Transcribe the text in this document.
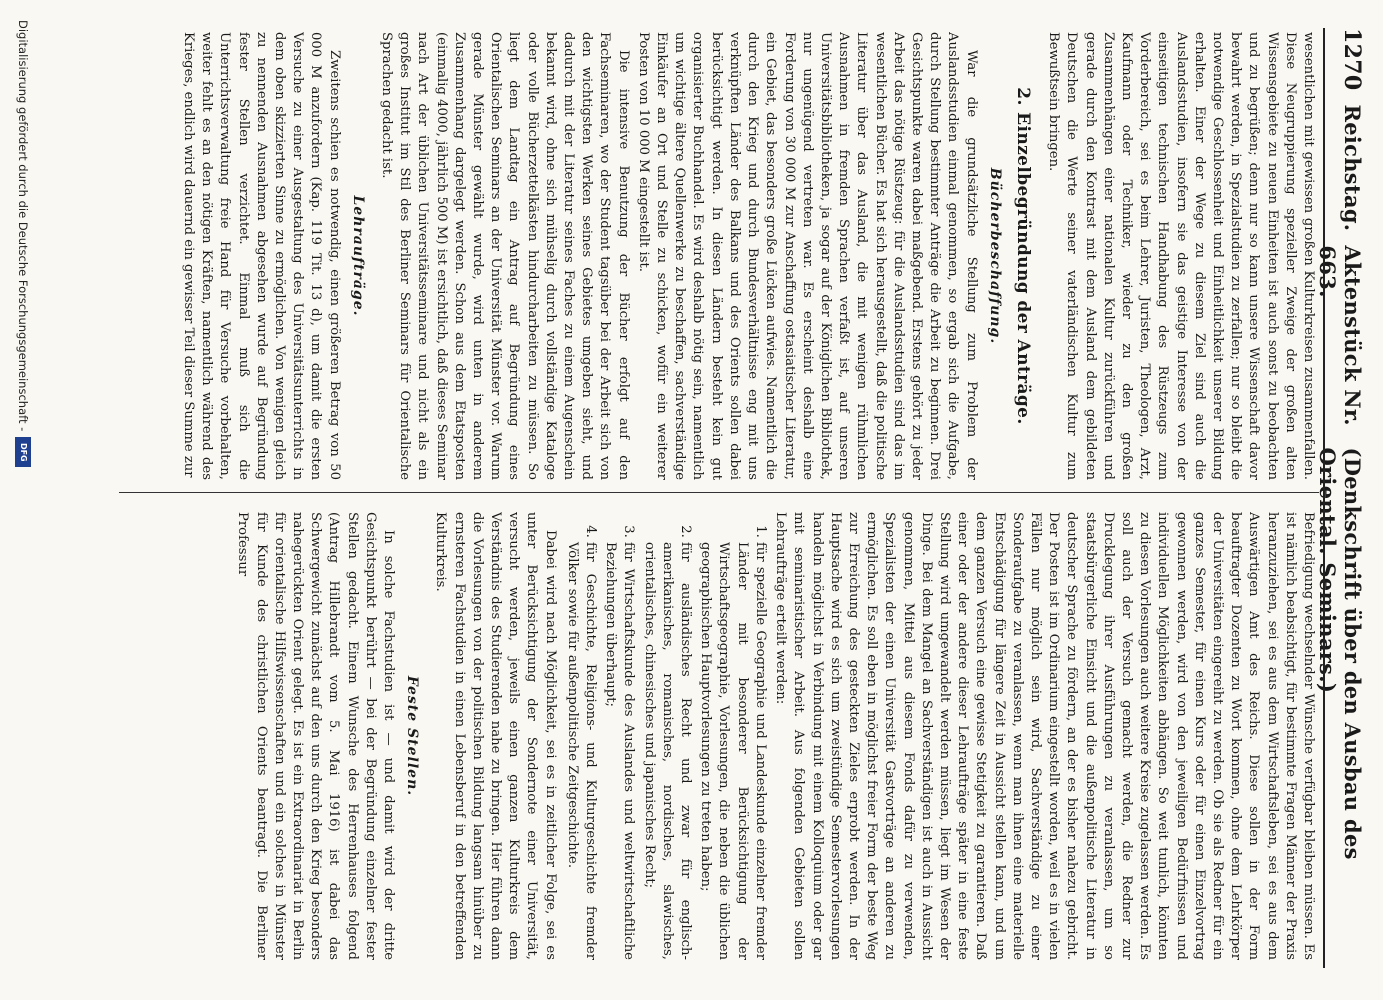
1270
Reichstag.
Aktenstück Nr. 663.
(Denkschrift über den Ausbau des Oriental. Seminars.)

wesentlichen mit gewissen großen Kulturkreisen zusammenfallen. Diese Neugruppierung spezieller Zweige der großen alten Wissensgebiete zu neuen Einheiten ist auch sonst zu beobachten und zu begrüßen; denn nur so kann unsere Wissenschaft davor bewahrt werden, in Spezialstudien zu zerfallen; nur so bleibt die notwendige Geschlossenheit und Einheitlichkeit unserer Bildung erhalten. Einer der Wege zu diesem Ziel sind auch die Auslandsstudien, insofern sie das geistige Interesse von der einseitigen technischen Handhabung des Rüstzeugs zum Vorderbereich, sei es beim Lehrer, Juristen, Theologen, Arzt, Kaufmann oder Techniker, wieder zu den großen Zusammenhängen einer nationalen Kultur zurückführen und gerade durch den Kontrast mit dem Ausland dem gebildeten Deutschen die Werte seiner vaterländischen Kultur zum Bewußtsein bringen.

2. Einzelbegründung der Anträge.
Bücherbeschaffung.

War die grundsätzliche Stellung zum Problem der Auslandsstudien einmal genommen, so ergab sich die Aufgabe, durch Stellung bestimmter Anträge die Arbeit zu beginnen. Drei Gesichtspunkte waren dabei maßgebend. Erstens gehört zu jeder Arbeit das nötige Rüstzeug: für die Auslandsstudien sind das im wesentlichen Bücher. Es hat sich herausgestellt, daß die politische Literatur über das Ausland, die mit wenigen rühmlichen Ausnahmen in fremden Sprachen verfaßt ist, auf unseren Universitätsbibliotheken, ja sogar auf der Königlichen Bibliothek, nur ungenügend vertreten war. Es erscheint deshalb eine Forderung von 30 000 M zur Anschaffung ostasiatischer Literatur, ein Gebiet, das besonders große Lücken aufwies. Namentlich die durch den Krieg und durch Bundesverhältnisse eng mit uns verknüpften Länder des Balkans und des Orients sollen dabei berücksichtigt werden. In diesen Ländern besteht kein gut organisierter Buchhandel. Es wird deshalb nötig sein, namentlich um wichtige ältere Quellenwerke zu beschaffen, sachverständige Einkäufer an Ort und Stelle zu schicken, wofür ein weiterer Posten von 10 000 M eingestellt ist.

Die intensive Benutzung der Bücher erfolgt auf den Fachseminaren, wo der Student tagsüber bei der Arbeit sich von den wichtigsten Werken seines Gebietes umgeben sieht, und dadurch mit der Literatur seines Faches zu einem Augenschein bekannt wird, ohne sich mühselig durch vollständige Kataloge oder volle Bücherzettelkästen hindurcharbeiten zu müssen. So liegt dem Landtag ein Antrag auf Begründung eines Orientalischen Seminars an der Universität Münster vor. Warum gerade Münster gewählt wurde, wird unten in anderem Zusammenhang dargelegt werden. Schon aus dem Etatsposten (einmalig 4000, jährlich 500 M) ist ersichtlich, daß dieses Seminar nach Art der üblichen Universitätsseminare und nicht als ein großes Institut im Stil des Berliner Seminars für Orientalische Sprachen gedacht ist.

Lehraufträge.

Zweitens schien es notwendig, einen größeren Betrag von 50 000 M anzufordern (Kap. 119 Tit. 13 d), um damit die ersten Versuche zu einer Ausgestaltung des Universitätsunterrichts in dem oben skizzierten Sinne zu ermöglichen. Von wenigen gleich zu nennenden Ausnahmen abgesehen wurde auf Begründung fester Stellen verzichtet. Einmal muß sich die Unterrichtsverwaltung freie Hand für Versuche vorbehalten, weiter fehlt es an den nötigen Kräften, namentlich während des Krieges, endlich wird dauernd ein gewisser Teil dieser Summe zur

Befriedigung wechselnder Wünsche verfügbar bleiben müssen. Es ist nämlich beabsichtigt, für bestimmte Fragen Männer der Praxis heranzuziehen, sei es aus dem Wirtschaftsleben, sei es aus dem Auswärtigen Amt des Reichs. Diese sollen in der Form beauftragter Dozenten zu Wort kommen, ohne dem Lehrkörper der Universitäten eingereiht zu werden. Ob sie als Redner für ein ganzes Semester, für einen Kurs oder für einen Einzelvortrag gewonnen werden, wird von den jeweiligen Bedürfnissen und individuellen Möglichkeiten abhängen. So weit tunlich, könnten zu diesen Vorlesungen auch weitere Kreise zugelassen werden. Es soll auch der Versuch gemacht werden, die Redner zur Drucklegung ihrer Ausführungen zu veranlassen, um so staatsbürgerliche Einsicht und die außenpolitische Literatur in deutscher Sprache zu fördern, an der es bisher nahezu gebricht. Der Posten ist im Ordinarium eingestellt worden, weil es in vielen Fällen nur möglich sein wird, Sachverständige zu einer Sonderaufgabe zu veranlassen, wenn man ihnen eine materielle Entschädigung für längere Zeit in Aussicht stellen kann, und um dem ganzen Versuch eine gewisse Stetigkeit zu garantieren. Daß einer oder der andere dieser Lehraufträge später in eine feste Stellung wird umgewandelt werden müssen, liegt im Wesen der Dinge. Bei dem Mangel an Sachverständigen ist auch in Aussicht genommen, Mittel aus diesem Fonds dafür zu verwenden, Spezialisten der einen Universität Gastvorträge an anderen zu ermöglichen. Es soll eben in möglichst freier Form der beste Weg zur Erreichung des gesteckten Zieles erprobt werden. In der Hauptsache wird es sich um zweistündige Semestervorlesungen handeln möglichst in Verbindung mit einem Kolloquium oder gar mit seminaristischer Arbeit. Aus folgenden Gebieten sollen Lehraufträge erteilt werden:

1. für spezielle Geographie und Landeskunde einzelner fremder Länder mit besonderer Berücksichtigung der Wirtschaftsgeographie, Vorlesungen, die neben die üblichen geographischen Hauptvorlesungen zu treten haben;
2. für ausländisches Recht und zwar für englisch-amerikanisches, romanisches, nordisches, slawisches, orientalisches, chinesisches und japanisches Recht;
3. für Wirtschaftskunde des Auslandes und weltwirtschaftliche Beziehungen überhaupt;
4. für Geschichte, Religions- und Kulturgeschichte fremder Völker sowie für außenpolitische Zeitgeschichte.

Dabei wird nach Möglichkeit, sei es in zeitlicher Folge, sei es unter Berücksichtigung der Sondernote einer Universität, versucht werden, jeweils einen ganzen Kulturkreis dem Verständnis des Studierenden nahe zu bringen. Hier führen dann die Vorlesungen von der politischen Bildung langsam hinüber zu ernsteren Fachstudien in einen Lebensberuf in den betreffenden Kulturkreis.

Feste Stellen.

In solche Fachstudien ist — und damit wird der dritte Gesichtspunkt berührt — bei der Begründung einzelner fester Stellen gedacht. Einem Wunsche des Herrenhauses folgend (Antrag Hillebrandt vom 5. Mai 1916) ist dabei das Schwergewicht zunächst auf den uns durch den Krieg besonders nahegerückten Orient gelegt. Es ist ein Extraordinariat in Berlin für orientalische Hilfswissenschaften und ein solches in Münster für Kunde des christlichen Orients beantragt. Die Berliner Professur

Digitalisierung gefördert durch die Deutsche Forschungsgemeinschaft -
DFG
